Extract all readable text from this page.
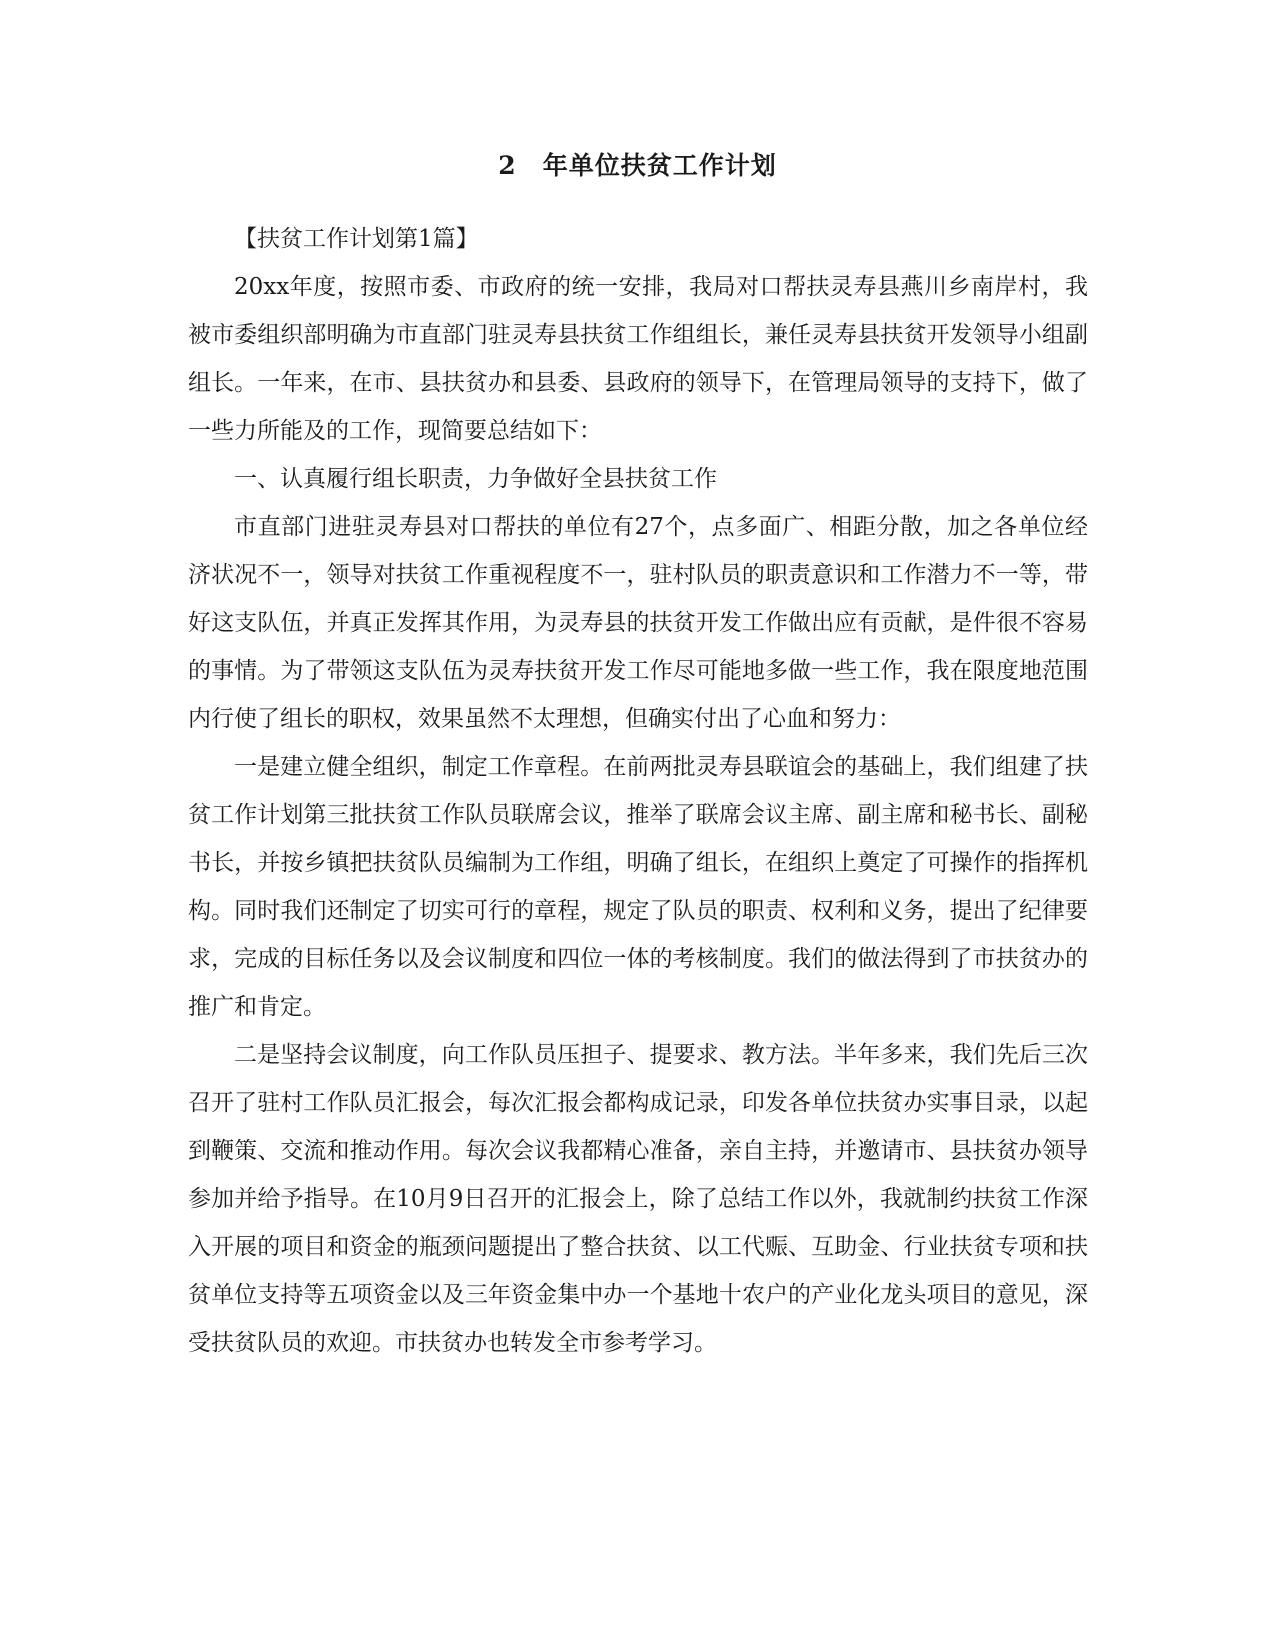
2 年单位扶贫工作计划

【扶贫工作计划第1篇】

20xx年度，按照市委、市政府的统一安排，我局对口帮扶灵寿县燕川乡南岸村，我被市委组织部明确为市直部门驻灵寿县扶贫工作组组长，兼任灵寿县扶贫开发领导小组副组长。一年来，在市、县扶贫办和县委、县政府的领导下，在管理局领导的支持下，做了一些力所能及的工作，现简要总结如下：

一、认真履行组长职责，力争做好全县扶贫工作

市直部门进驻灵寿县对口帮扶的单位有27个，点多面广、相距分散，加之各单位经济状况不一，领导对扶贫工作重视程度不一，驻村队员的职责意识和工作潜力不一等，带好这支队伍，并真正发挥其作用，为灵寿县的扶贫开发工作做出应有贡献，是件很不容易的事情。为了带领这支队伍为灵寿扶贫开发工作尽可能地多做一些工作，我在限度地范围内行使了组长的职权，效果虽然不太理想，但确实付出了心血和努力：

一是建立健全组织，制定工作章程。在前两批灵寿县联谊会的基础上，我们组建了扶贫工作计划第三批扶贫工作队员联席会议，推举了联席会议主席、副主席和秘书长、副秘书长，并按乡镇把扶贫队员编制为工作组，明确了组长，在组织上奠定了可操作的指挥机构。同时我们还制定了切实可行的章程，规定了队员的职责、权利和义务，提出了纪律要求，完成的目标任务以及会议制度和四位一体的考核制度。我们的做法得到了市扶贫办的推广和肯定。

二是坚持会议制度，向工作队员压担子、提要求、教方法。半年多来，我们先后三次召开了驻村工作队员汇报会，每次汇报会都构成记录，印发各单位扶贫办实事目录，以起到鞭策、交流和推动作用。每次会议我都精心准备，亲自主持，并邀请市、县扶贫办领导参加并给予指导。在10月9日召开的汇报会上，除了总结工作以外，我就制约扶贫工作深入开展的项目和资金的瓶颈问题提出了整合扶贫、以工代赈、互助金、行业扶贫专项和扶贫单位支持等五项资金以及三年资金集中办一个基地十农户的产业化龙头项目的意见，深受扶贫队员的欢迎。市扶贫办也转发全市参考学习。
